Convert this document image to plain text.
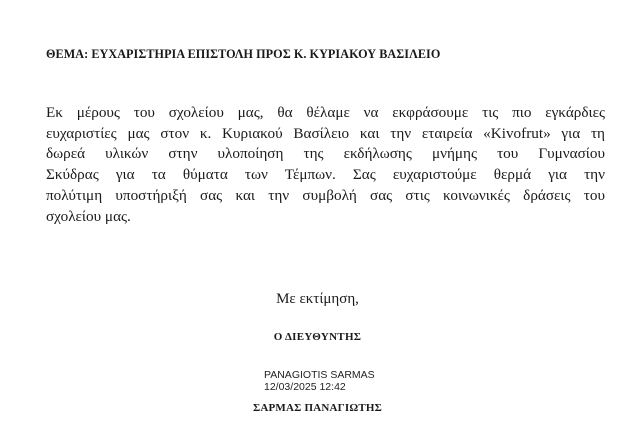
ΘΕΜΑ: ΕΥΧΑΡΙΣΤΗΡΙΑ ΕΠΙΣΤΟΛΗ ΠΡΟΣ Κ. ΚΥΡΙΑΚΟΥ ΒΑΣΙΛΕΙΟ
Εκ μέρους του σχολείου μας, θα θέλαμε να εκφράσουμε τις πιο εγκάρδιες
ευχαριστίες μας στον κ. Κυριακού Βασίλειο και την εταιρεία «Kivofrut» για τη
δωρεά υλικών στην υλοποίηση της εκδήλωσης μνήμης του Γυμνασίου
Σκύδρας για τα θύματα των Τέμπων. Σας ευχαριστούμε θερμά για την
πολύτιμη υποστήριξή σας και την συμβολή σας στις κοινωνικές δράσεις του
σχολείου μας.
Με εκτίμηση,
Ο ΔΙΕΥΘΥΝΤΗΣ
PANAGIOTIS SARMAS
12/03/2025 12:42
ΣΑΡΜΑΣ ΠΑΝΑΓΙΩΤΗΣ
